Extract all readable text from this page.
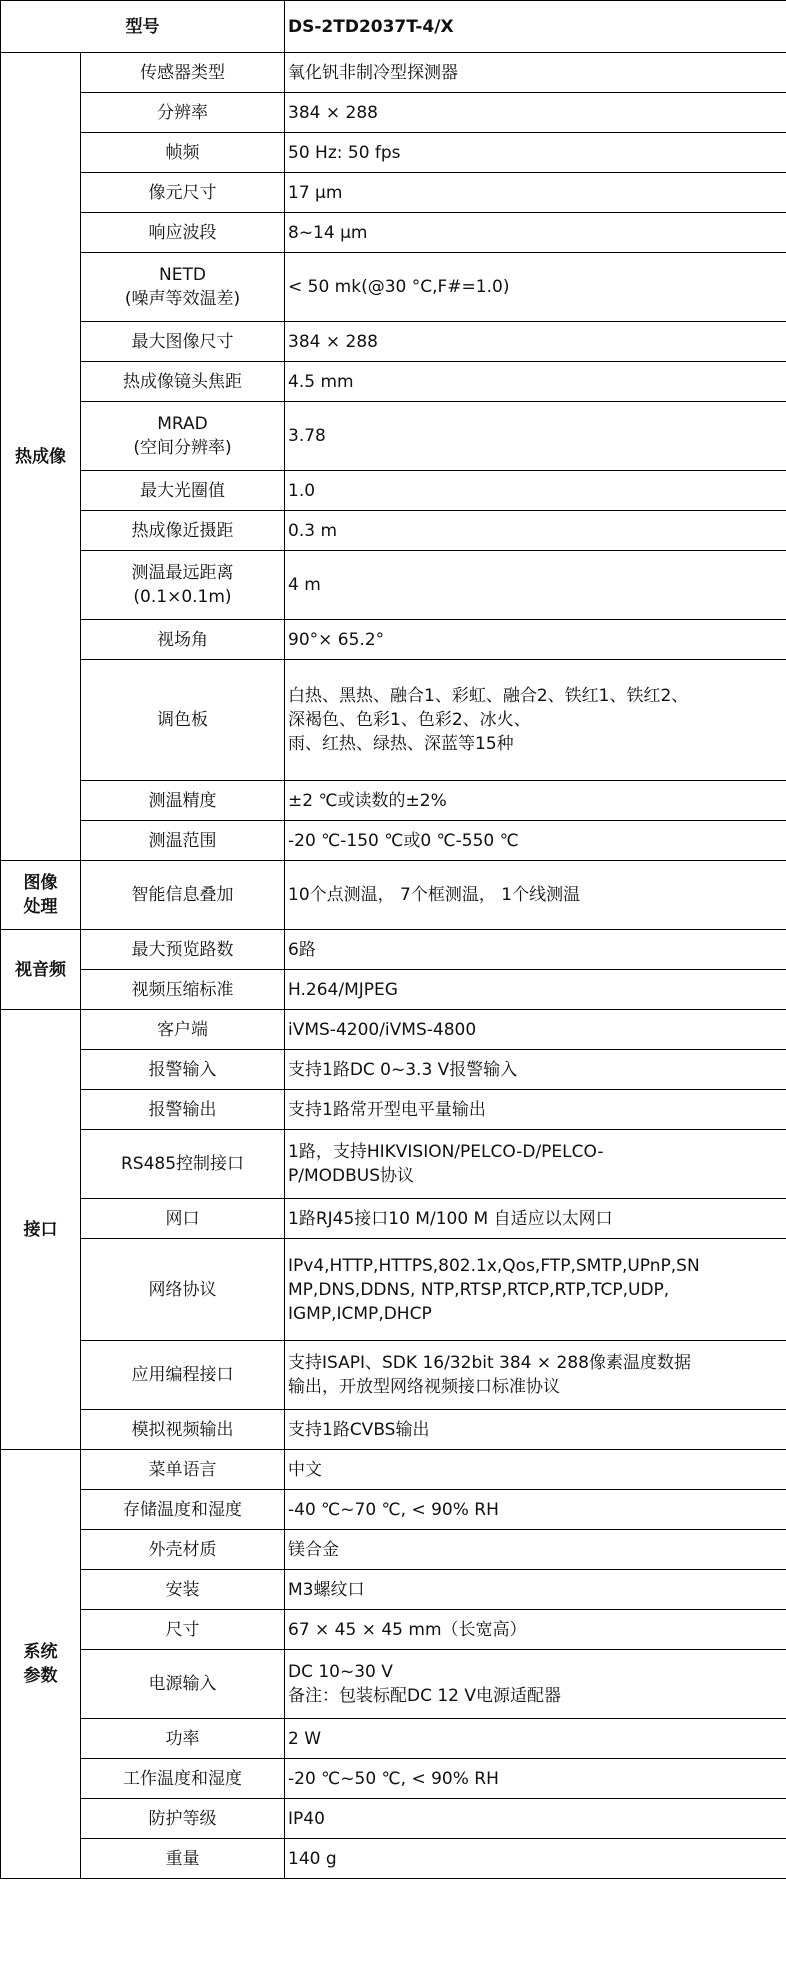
型号		DS-2TD2037T-4/X
热成像	传感器类型	氧化钒非制冷型探测器

	分辨率	384 × 288

	帧频	50 Hz: 50 fps

	像元尺寸	17 μm

	响应波段	8~14 μm

	NETD
(噪声等效温差)	< 50 mk(@30 °C,F#=1.0)

	最大图像尺寸	384 × 288

	热成像镜头焦距	4.5 mm

	MRAD
(空间分辨率)	3.78

	最大光圈值	1.0

	热成像近摄距	0.3 m

	测温最远距离
(0.1×0.1m)	4 m

	视场角	90°× 65.2°

	调色板	白热、黑热、融合1、彩虹、融合2、铁红1、铁红2、
深褐色、色彩1、色彩2、冰火、
雨、红热、绿热、深蓝等15种

	测温精度	±2 ℃或读数的±2%

	测温范围	-20 ℃-150 ℃或0 ℃-550 ℃

图像
处理	智能信息叠加	10个点测温， 7个框测温， 1个线测温

视音频	最大预览路数	6路

	视频压缩标准	H.264/MJPEG

接口	客户端	iVMS-4200/iVMS-4800

	报警输入	支持1路DC 0~3.3 V报警输入

	报警输出	支持1路常开型电平量输出

	RS485控制接口	1路，支持HIKVISION/PELCO-D/PELCO-
P/MODBUS协议

	网口	1路RJ45接口10 M/100 M 自适应以太网口

	网络协议	IPv4,HTTP,HTTPS,802.1x,Qos,FTP,SMTP,UPnP,SN
MP,DNS,DDNS, NTP,RTSP,RTCP,RTP,TCP,UDP,
IGMP,ICMP,DHCP

	应用编程接口	支持ISAPI、SDK 16/32bit 384 × 288像素温度数据
输出，开放型网络视频接口标准协议

	模拟视频输出	支持1路CVBS输出

系统
参数	菜单语言	中文

	存储温度和湿度	-40 ℃~70 ℃, < 90% RH

	外壳材质	镁合金

	安装	M3螺纹口

	尺寸	67 × 45 × 45 mm（长宽高）

	电源输入	DC 10~30 V
备注：包装标配DC 12 V电源适配器

	功率	2 W

	工作温度和湿度	-20 ℃~50 ℃, < 90% RH

	防护等级	IP40

	重量	140 g
